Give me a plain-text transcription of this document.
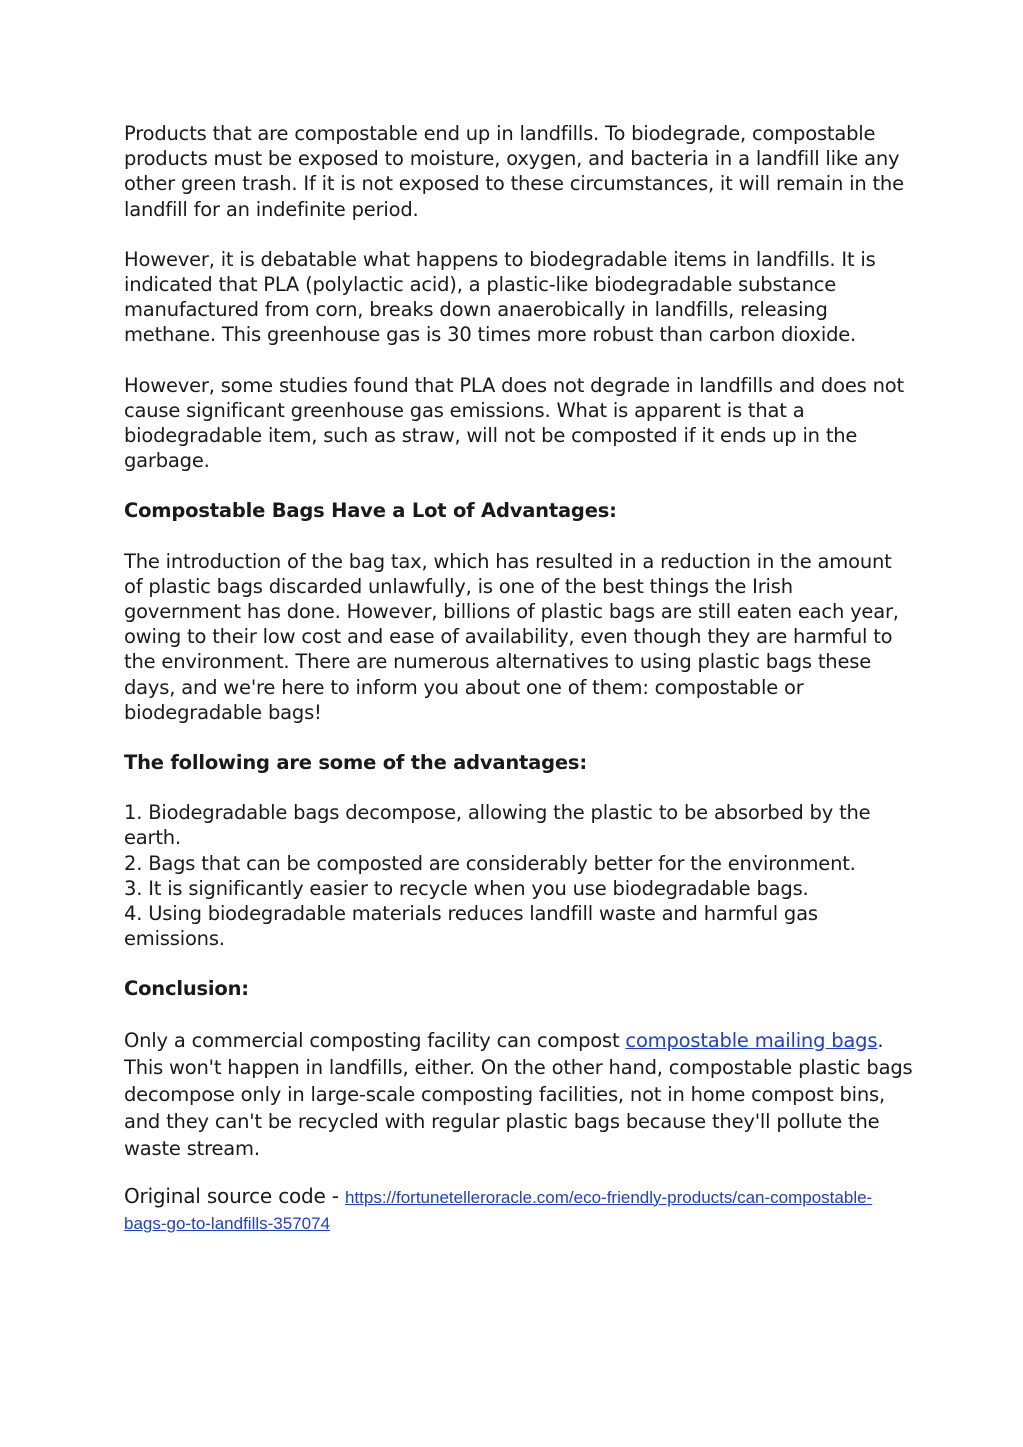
Products that are compostable end up in landfills. To biodegrade, compostable products must be exposed to moisture, oxygen, and bacteria in a landfill like any other green trash. If it is not exposed to these circumstances, it will remain in the landfill for an indefinite period.

However, it is debatable what happens to biodegradable items in landfills. It is indicated that PLA (polylactic acid), a plastic-like biodegradable substance manufactured from corn, breaks down anaerobically in landfills, releasing methane. This greenhouse gas is 30 times more robust than carbon dioxide.

However, some studies found that PLA does not degrade in landfills and does not cause significant greenhouse gas emissions. What is apparent is that a biodegradable item, such as straw, will not be composted if it ends up in the garbage.

Compostable Bags Have a Lot of Advantages:

The introduction of the bag tax, which has resulted in a reduction in the amount of plastic bags discarded unlawfully, is one of the best things the Irish government has done. However, billions of plastic bags are still eaten each year, owing to their low cost and ease of availability, even though they are harmful to the environment. There are numerous alternatives to using plastic bags these days, and we're here to inform you about one of them: compostable or biodegradable bags!

The following are some of the advantages:

1. Biodegradable bags decompose, allowing the plastic to be absorbed by the earth.

2. Bags that can be composted are considerably better for the environment.

3. It is significantly easier to recycle when you use biodegradable bags.

4. Using biodegradable materials reduces landfill waste and harmful gas emissions.

Conclusion:

Only a commercial composting facility can compost compostable mailing bags. This won't happen in landfills, either. On the other hand, compostable plastic bags decompose only in large-scale composting facilities, not in home compost bins, and they can't be recycled with regular plastic bags because they'll pollute the waste stream.

Original source code - https://fortunetelleroracle.com/eco-friendly-products/can-compostable-bags-go-to-landfills-357074
